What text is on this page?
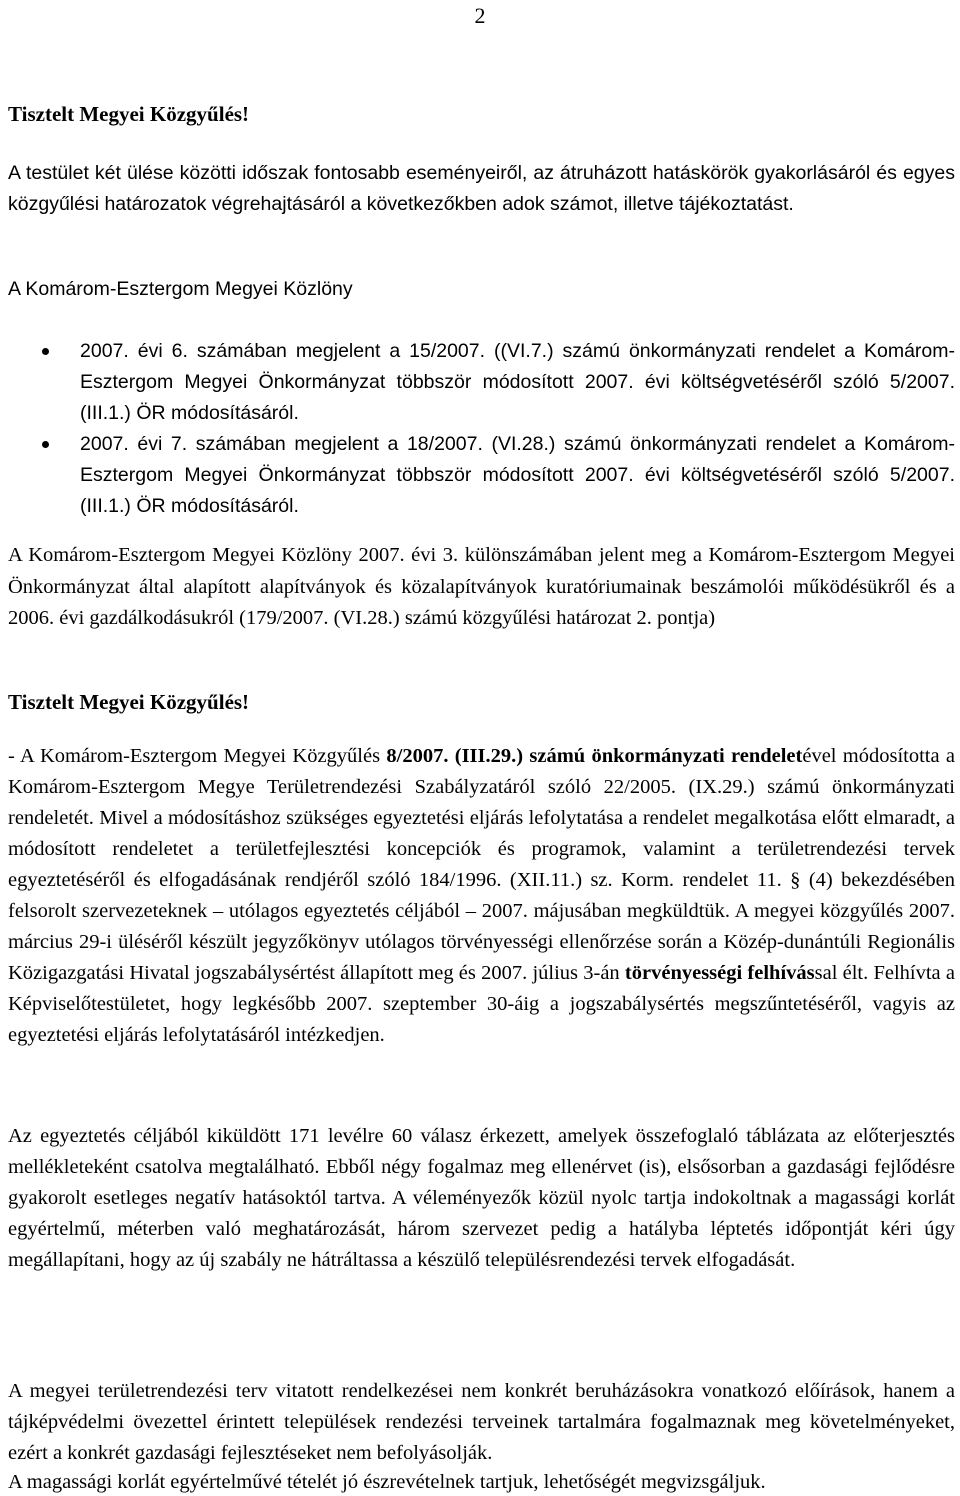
2
Tisztelt Megyei Közgyűlés!

A testület két ülése közötti időszak fontosabb eseményeiről, az átruházott hatáskörök gyakorlásáról és egyes közgyűlési határozatok végrehajtásáról a következőkben adok számot, illetve tájékoztatást.

A Komárom-Esztergom Megyei Közlöny

2007. évi 6. számában megjelent a 15/2007. ((VI.7.) számú önkormányzati rendelet a Komárom-Esztergom Megyei Önkormányzat többször módosított 2007. évi költségvetéséről szóló 5/2007. (III.1.) ÖR módosításáról.
2007. évi 7. számában megjelent a 18/2007. (VI.28.) számú önkormányzati rendelet a Komárom-Esztergom Megyei Önkormányzat többször módosított 2007. évi költségvetéséről szóló 5/2007. (III.1.) ÖR módosításáról.

A Komárom-Esztergom Megyei Közlöny 2007. évi 3. különszámában jelent meg a Komárom-Esztergom Megyei Önkormányzat által alapított alapítványok és közalapítványok kuratóriumainak beszámolói működésükről és a 2006. évi gazdálkodásukról (179/2007. (VI.28.) számú közgyűlési határozat 2. pontja)

Tisztelt Megyei Közgyűlés!

- A Komárom-Esztergom Megyei Közgyűlés 8/2007. (III.29.) számú önkormányzati rendeletével módosította a Komárom-Esztergom Megye Területrendezési Szabályzatáról szóló 22/2005. (IX.29.) számú önkormányzati rendeletét. Mivel a módosításhoz szükséges egyeztetési eljárás lefolytatása a rendelet megalkotása előtt elmaradt, a módosított rendeletet a területfejlesztési koncepciók és programok, valamint a területrendezési tervek egyeztetéséről és elfogadásának rendjéről szóló 184/1996. (XII.11.) sz. Korm. rendelet 11. § (4) bekezdésében felsorolt szervezeteknek – utólagos egyeztetés céljából – 2007. májusában megküldtük. A megyei közgyűlés 2007. március 29-i üléséről készült jegyzőkönyv utólagos törvényességi ellenőrzése során a Közép-dunántúli Regionális Közigazgatási Hivatal jogszabálysértést állapított meg és 2007. július 3-án törvényességi felhívással élt. Felhívta a Képviselőtestületet, hogy legkésőbb 2007. szeptember 30-áig a jogszabálysértés megszűntetéséről, vagyis az egyeztetési eljárás lefolytatásáról intézkedjen.

Az egyeztetés céljából kiküldött 171 levélre 60 válasz érkezett, amelyek összefoglaló táblázata az előterjesztés mellékleteként csatolva megtalálható. Ebből négy fogalmaz meg ellenérvet (is), elsősorban a gazdasági fejlődésre gyakorolt esetleges negatív hatásoktól tartva. A véleményezők közül nyolc tartja indokoltnak a magassági korlát egyértelmű, méterben való meghatározását, három szervezet pedig a hatályba léptetés időpontját kéri úgy megállapítani, hogy az új szabály ne hátráltassa a készülő településrendezési tervek elfogadását.

A megyei területrendezési terv vitatott rendelkezései nem konkrét beruházásokra vonatkozó előírások, hanem a tájképvédelmi övezettel érintett települések rendezési terveinek tartalmára fogalmaznak meg követelményeket, ezért a konkrét gazdasági fejlesztéseket nem befolyásolják.

A magassági korlát egyértelművé tételét jó észrevételnek tartjuk, lehetőségét megvizsgáljuk.
